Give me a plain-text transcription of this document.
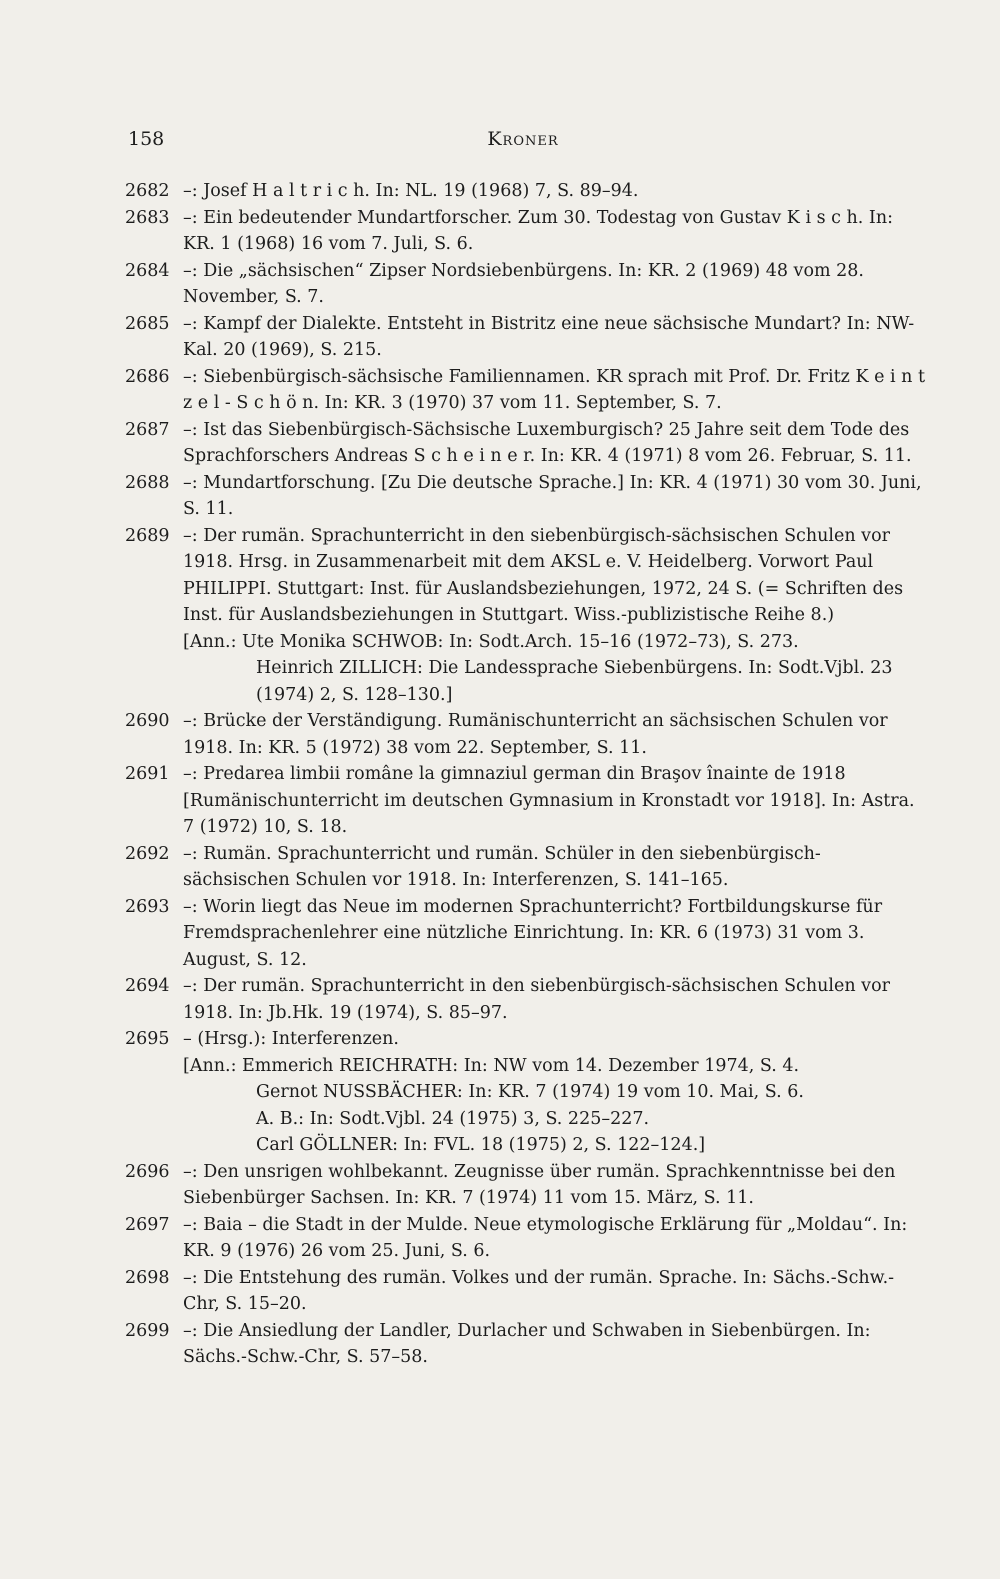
158	Kroner
2682 –: Josef H a l t r i c h. In: NL. 19 (1968) 7, S. 89–94.
2683 –: Ein bedeutender Mundartforscher. Zum 30. Todestag von Gustav K i s c h. In: KR. 1 (1968) 16 vom 7. Juli, S. 6.
2684 –: Die „sächsischen“ Zipser Nordsiebenbürgens. In: KR. 2 (1969) 48 vom 28. November, S. 7.
2685 –: Kampf der Dialekte. Entsteht in Bistritz eine neue sächsische Mundart? In: NW-Kal. 20 (1969), S. 215.
2686 –: Siebenbürgisch-sächsische Familiennamen. KR sprach mit Prof. Dr. Fritz K e i n t z e l - S c h ö n. In: KR. 3 (1970) 37 vom 11. September, S. 7.
2687 –: Ist das Siebenbürgisch-Sächsische Luxemburgisch? 25 Jahre seit dem Tode des Sprachforschers Andreas S c h e i n e r. In: KR. 4 (1971) 8 vom 26. Februar, S. 11.
2688 –: Mundartforschung. [Zu Die deutsche Sprache.] In: KR. 4 (1971) 30 vom 30. Juni, S. 11.
2689 –: Der rumän. Sprachunterricht in den siebenbürgisch-sächsischen Schulen vor 1918. Hrsg. in Zusammenarbeit mit dem AKSL e. V. Heidelberg. Vorwort Paul PHILIPPI. Stuttgart: Inst. für Auslandsbeziehungen, 1972, 24 S. (= Schriften des Inst. für Auslandsbeziehungen in Stuttgart. Wiss.-publizistische Reihe 8.)
[Ann.: Ute Monika SCHWOB: In: Sodt.Arch. 15–16 (1972–73), S. 273.
Heinrich ZILLICH: Die Landessprache Siebenbürgens. In: Sodt.Vjbl. 23 (1974) 2, S. 128–130.]
2690 –: Brücke der Verständigung. Rumänischunterricht an sächsischen Schulen vor 1918. In: KR. 5 (1972) 38 vom 22. September, S. 11.
2691 –: Predarea limbii române la gimnaziul german din Braşov înainte de 1918 [Rumänischunterricht im deutschen Gymnasium in Kronstadt vor 1918]. In: Astra. 7 (1972) 10, S. 18.
2692 –: Rumän. Sprachunterricht und rumän. Schüler in den siebenbürgisch-sächsischen Schulen vor 1918. In: Interferenzen, S. 141–165.
2693 –: Worin liegt das Neue im modernen Sprachunterricht? Fortbildungskurse für Fremdsprachenlehrer eine nützliche Einrichtung. In: KR. 6 (1973) 31 vom 3. August, S. 12.
2694 –: Der rumän. Sprachunterricht in den siebenbürgisch-sächsischen Schulen vor 1918. In: Jb.Hk. 19 (1974), S. 85–97.
2695 – (Hrsg.): Interferenzen.
[Ann.: Emmerich REICHRATH: In: NW vom 14. Dezember 1974, S. 4.
Gernot NUSSBÄCHER: In: KR. 7 (1974) 19 vom 10. Mai, S. 6.
A. B.: In: Sodt.Vjbl. 24 (1975) 3, S. 225–227.
Carl GÖLLNER: In: FVL. 18 (1975) 2, S. 122–124.]
2696 –: Den unsrigen wohlbekannt. Zeugnisse über rumän. Sprachkenntnisse bei den Siebenbürger Sachsen. In: KR. 7 (1974) 11 vom 15. März, S. 11.
2697 –: Baia – die Stadt in der Mulde. Neue etymologische Erklärung für „Moldau“. In: KR. 9 (1976) 26 vom 25. Juni, S. 6.
2698 –: Die Entstehung des rumän. Volkes und der rumän. Sprache. In: Sächs.-Schw.-Chr, S. 15–20.
2699 –: Die Ansiedlung der Landler, Durlacher und Schwaben in Siebenbürgen. In: Sächs.-Schw.-Chr, S. 57–58.
